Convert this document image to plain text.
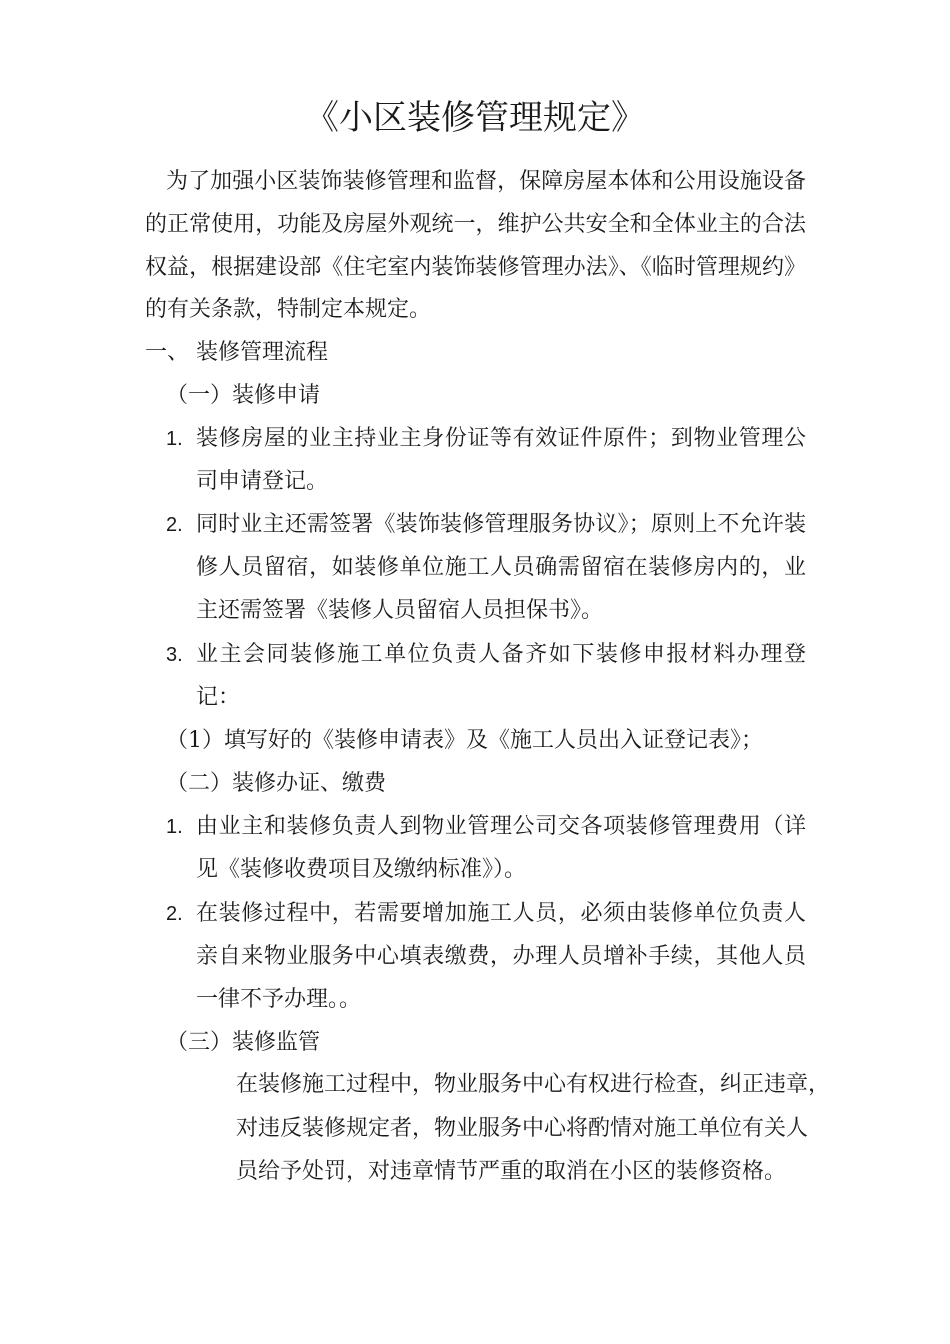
《小区装修管理规定》
为了加强小区装饰装修管理和监督，保障房屋本体和公用设施设备
的正常使用，功能及房屋外观统一，维护公共安全和全体业主的合法
权益，根据建设部《住宅室内装饰装修管理办法》、《临时管理规约》
的有关条款，特制定本规定。
一、 装修管理流程
（一）装修申请
1. 装修房屋的业主持业主身份证等有效证件原件；到物业管理公
司申请登记。
2. 同时业主还需签署《装饰装修管理服务协议》；原则上不允许装
修人员留宿，如装修单位施工人员确需留宿在装修房内的，业
主还需签署《装修人员留宿人员担保书》。
3. 业主会同装修施工单位负责人备齐如下装修申报材料办理登
记：
（1）填写好的《装修申请表》及《施工人员出入证登记表》；
（二）装修办证、缴费
1. 由业主和装修负责人到物业管理公司交各项装修管理费用（详
见《装修收费项目及缴纳标准》）。
2. 在装修过程中，若需要增加施工人员，必须由装修单位负责人
亲自来物业服务中心填表缴费，办理人员增补手续，其他人员
一律不予办理。。
（三）装修监管
在装修施工过程中，物业服务中心有权进行检查，纠正违章，
对违反装修规定者，物业服务中心将酌情对施工单位有关人
员给予处罚，对违章情节严重的取消在小区的装修资格。
